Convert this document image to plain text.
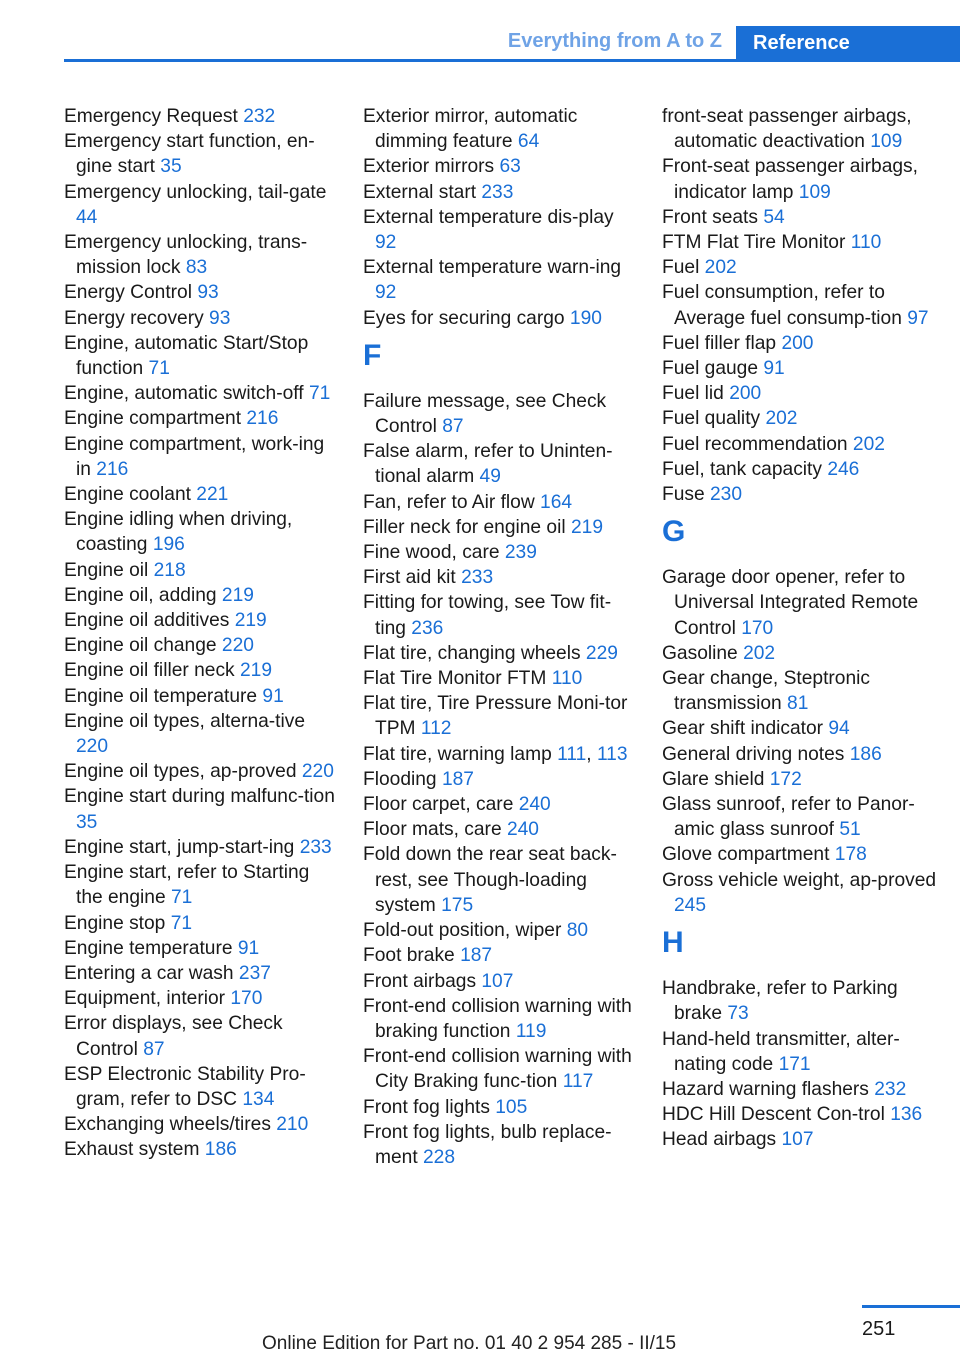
Everything from A to Z	Reference
Emergency Request 232
Emergency start function, en‐gine start 35
Emergency unlocking, tail‐gate 44
Emergency unlocking, trans‐mission lock 83
Energy Control 93
Energy recovery 93
Engine, automatic Start/Stop function 71
Engine, automatic switch-off 71
Engine compartment 216
Engine compartment, work‐ing in 216
Engine coolant 221
Engine idling when driving, coasting 196
Engine oil 218
Engine oil, adding 219
Engine oil additives 219
Engine oil change 220
Engine oil filler neck 219
Engine oil temperature 91
Engine oil types, alterna‐tive 220
Engine oil types, ap‐proved 220
Engine start during malfunc‐tion 35
Engine start, jump-start‐ing 233
Engine start, refer to Starting the engine 71
Engine stop 71
Engine temperature 91
Entering a car wash 237
Equipment, interior 170
Error displays, see Check Control 87
ESP Electronic Stability Pro‐gram, refer to DSC 134
Exchanging wheels/tires 210
Exhaust system 186
Exterior mirror, automatic dimming feature 64
Exterior mirrors 63
External start 233
External temperature dis‐play 92
External temperature warn‐ing 92
Eyes for securing cargo 190
F
Failure message, see Check Control 87
False alarm, refer to Uninten‐tional alarm 49
Fan, refer to Air flow 164
Filler neck for engine oil 219
Fine wood, care 239
First aid kit 233
Fitting for towing, see Tow fit‐ting 236
Flat tire, changing wheels 229
Flat Tire Monitor FTM 110
Flat tire, Tire Pressure Moni‐tor TPM 112
Flat tire, warning lamp 111, 113
Flooding 187
Floor carpet, care 240
Floor mats, care 240
Fold down the rear seat back‐rest, see Though-loading system 175
Fold-out position, wiper 80
Foot brake 187
Front airbags 107
Front-end collision warning with braking function 119
Front-end collision warning with City Braking func‐tion 117
Front fog lights 105
Front fog lights, bulb replace‐ment 228
front-seat passenger airbags, automatic deactivation 109
Front-seat passenger airbags, indicator lamp 109
Front seats 54
FTM Flat Tire Monitor 110
Fuel 202
Fuel consumption, refer to Average fuel consump‐tion 97
Fuel filler flap 200
Fuel gauge 91
Fuel lid 200
Fuel quality 202
Fuel recommendation 202
Fuel, tank capacity 246
Fuse 230
G
Garage door opener, refer to Universal Integrated Remote Control 170
Gasoline 202
Gear change, Steptronic transmission 81
Gear shift indicator 94
General driving notes 186
Glare shield 172
Glass sunroof, refer to Panor‐amic glass sunroof 51
Glove compartment 178
Gross vehicle weight, ap‐proved 245
H
Handbrake, refer to Parking brake 73
Hand-held transmitter, alter‐nating code 171
Hazard warning flashers 232
HDC Hill Descent Con‐trol 136
Head airbags 107
251
Online Edition for Part no. 01 40 2 954 285 - II/15
